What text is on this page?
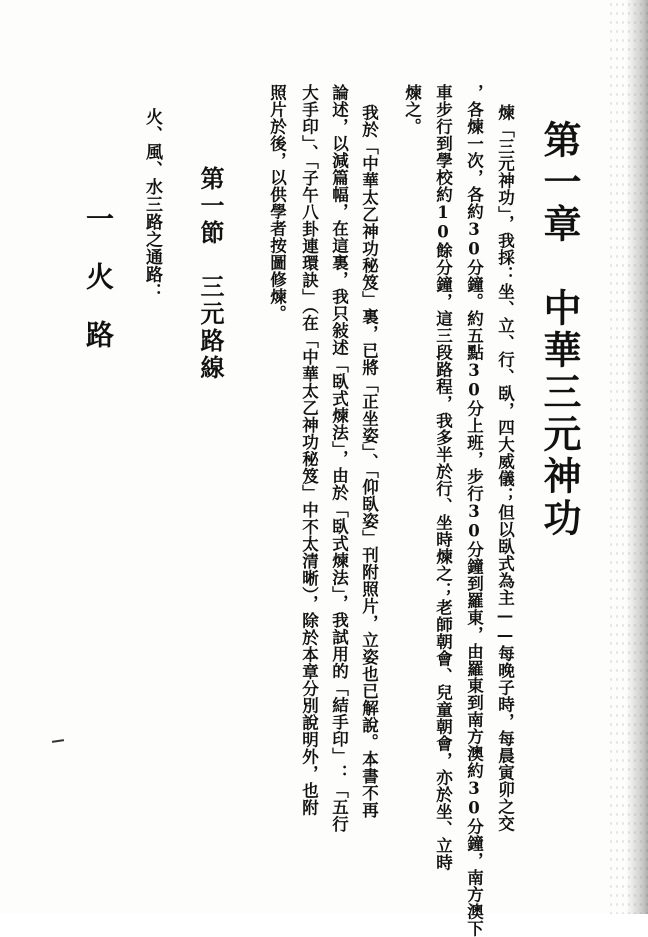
第一章　中華三元神功
煉「三元神功」，我採：坐、立、行、臥，四大威儀；但以臥式為主——每晚子時，每晨寅卯之交
，各煉一次，各約30分鐘。約五點30分上班，步行30分鐘到羅東，由羅東到南方澳約30分鐘，南方澳下
車步行到學校約10餘分鐘，這三段路程，我多半於行、坐時煉之；老師朝會、兒童朝會，亦於坐、立時
煉之。
我於「中華太乙神功秘笈」裏，已將「正坐姿」、「仰臥姿」刊附照片，立姿也已解說。本書不再
論述，以減篇幅，在這裏，我只敍述「臥式煉法」，由於「臥式煉法」，我試用的「結手印」：「五行
大手印」、「子午八卦連環訣」（在「中華太乙神功秘笈」中不太清晰），除於本章分別說明外，也附
照片於後，以供學者按圖修煉。
第一節　三元路線
火、風、水三路之通路：
一火路
